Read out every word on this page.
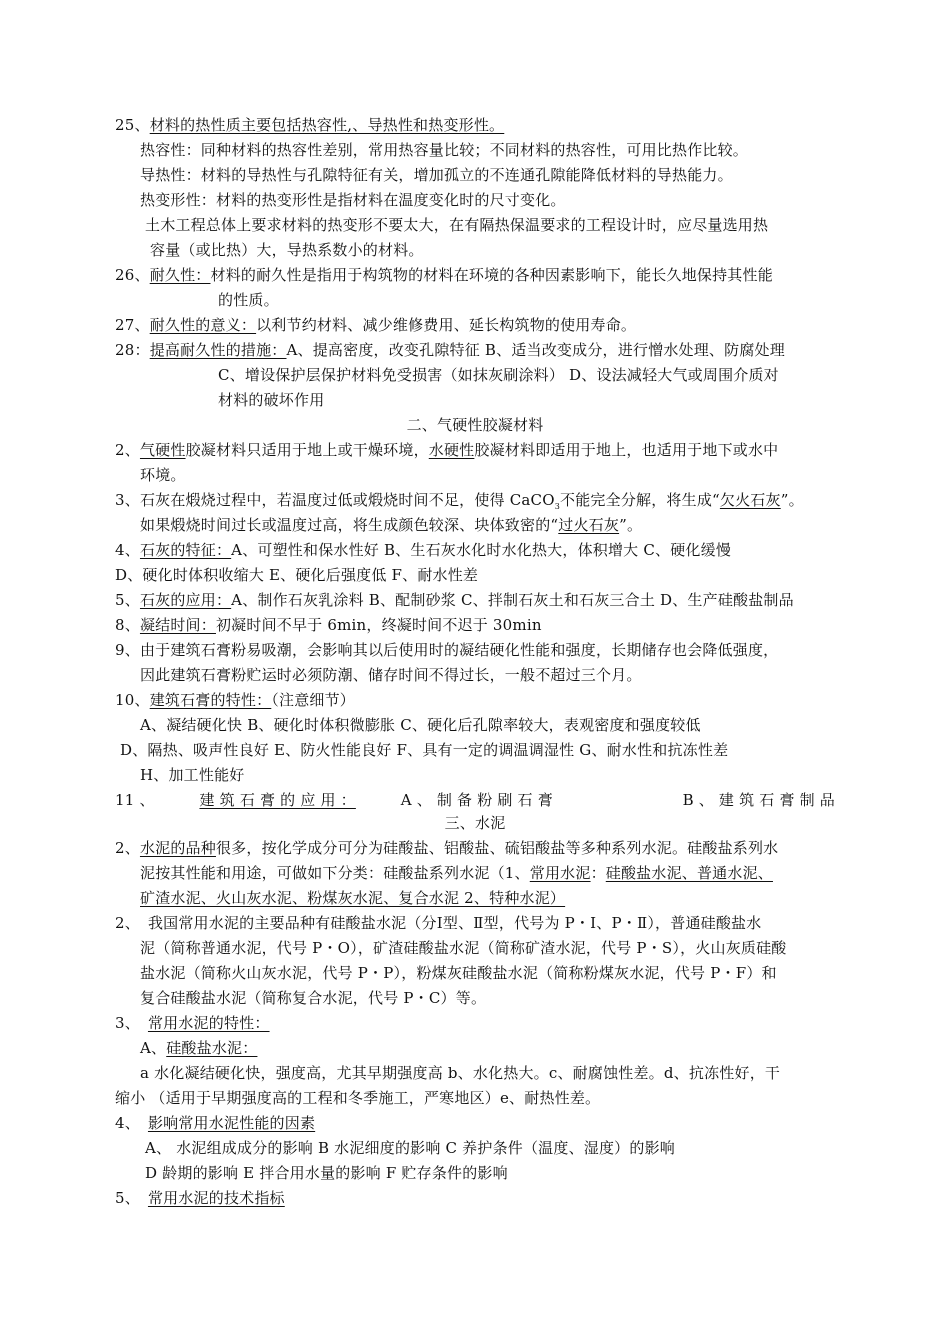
25、材料的热性质主要包括热容性,、导热性和热变形性。
热容性：同种材料的热容性差别，常用热容量比较；不同材料的热容性，可用比热作比较。
导热性：材料的导热性与孔隙特征有关，增加孤立的不连通孔隙能降低材料的导热能力。
热变形性：材料的热变形性是指材料在温度变化时的尺寸变化。
土木工程总体上要求材料的热变形不要太大，在有隔热保温要求的工程设计时，应尽量选用热
容量（或比热）大，导热系数小的材料。
26、耐久性：材料的耐久性是指用于构筑物的材料在环境的各种因素影响下，能长久地保持其性能
的性质。
27、耐久性的意义：以利节约材料、减少维修费用、延长构筑物的使用寿命。
28：提高耐久性的措施：A、提高密度，改变孔隙特征 B、适当改变成分，进行憎水处理、防腐处理
C、增设保护层保护材料免受损害（如抹灰刷涂料） D、设法减轻大气或周围介质对
材料的破坏作用
二、气硬性胶凝材料
2、气硬性胶凝材料只适用于地上或干燥环境，水硬性胶凝材料即适用于地上，也适用于地下或水中
环境。
3、石灰在煅烧过程中，若温度过低或煅烧时间不足，使得 CaCO$_3$不能完全分解，将生成“欠火石灰”。
如果煅烧时间过长或温度过高，将生成颜色较深、块体致密的“过火石灰”。
4、石灰的特征：A、可塑性和保水性好 B、生石灰水化时水化热大，体积增大 C、硬化缓慢
D、硬化时体积收缩大 E、硬化后强度低 F、耐水性差
5、石灰的应用：A、制作石灰乳涂料 B、配制砂浆 C、拌制石灰土和石灰三合土 D、生产硅酸盐制品
8、凝结时间：初凝时间不早于 6min，终凝时间不迟于 30min
9、由于建筑石膏粉易吸潮，会影响其以后使用时的凝结硬化性能和强度，长期储存也会降低强度，
因此建筑石膏粉贮运时必须防潮、储存时间不得过长，一般不超过三个月。
10、建筑石膏的特性：（注意细节）
A、凝结硬化快 B、硬化时体积微膨胀 C、硬化后孔隙率较大，表观密度和强度较低
D、隔热、吸声性良好 E、防火性能良好 F、具有一定的调温调湿性 G、耐水性和抗冻性差
H、加工性能好
11 、	建 筑 石 膏 的 应 用 ：	A 、 制 备 粉 刷 石 膏	B 、 建 筑 石 膏 制 品
三、水泥
2、水泥的品种很多，按化学成分可分为硅酸盐、铝酸盐、硫铝酸盐等多种系列水泥。硅酸盐系列水
泥按其性能和用途，可做如下分类：硅酸盐系列水泥（1、常用水泥：硅酸盐水泥、普通水泥、
矿渣水泥、火山灰水泥、粉煤灰水泥、复合水泥 2、特种水泥）
2、 我国常用水泥的主要品种有硅酸盐水泥（分Ⅰ型、Ⅱ型，代号为 P・Ⅰ、P・Ⅱ），普通硅酸盐水
泥（简称普通水泥，代号 P・O），矿渣硅酸盐水泥（简称矿渣水泥，代号 P・S），火山灰质硅酸
盐水泥（简称火山灰水泥，代号 P・P），粉煤灰硅酸盐水泥（简称粉煤灰水泥，代号 P・F）和
复合硅酸盐水泥（简称复合水泥，代号 P・C）等。
3、 常用水泥的特性：
A、硅酸盐水泥：
a 水化凝结硬化快，强度高，尤其早期强度高 b、水化热大。c、耐腐蚀性差。d、抗冻性好，干
缩小 （适用于早期强度高的工程和冬季施工，严寒地区）e、耐热性差。
4、 影响常用水泥性能的因素
A、 水泥组成成分的影响 B 水泥细度的影响 C 养护条件（温度、湿度）的影响
D 龄期的影响 E 拌合用水量的影响 F 贮存条件的影响
5、 常用水泥的技术指标
